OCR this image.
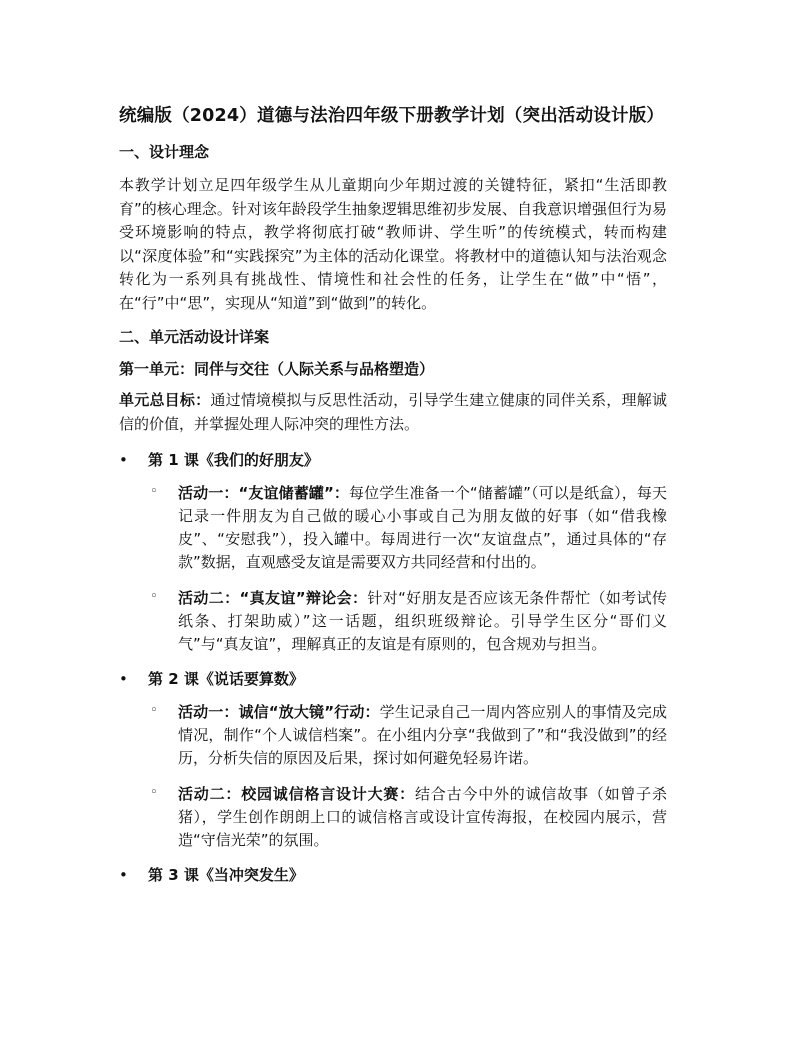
统编版（2024）道德与法治四年级下册教学计划（突出活动设计版）
一、设计理念
本教学计划立足四年级学生从儿童期向少年期过渡的关键特征，紧扣“生活即教育”的核心理念。针对该年龄段学生抽象逻辑思维初步发展、自我意识增强但行为易受环境影响的特点，教学将彻底打破“教师讲、学生听”的传统模式，转而构建以“深度体验”和“实践探究”为主体的活动化课堂。将教材中的道德认知与法治观念转化为一系列具有挑战性、情境性和社会性的任务，让学生在“做”中“悟”，在“行”中“思”，实现从“知道”到“做到”的转化。
二、单元活动设计详案
第一单元：同伴与交往（人际关系与品格塑造）
单元总目标：通过情境模拟与反思性活动，引导学生建立健康的同伴关系，理解诚信的价值，并掌握处理人际冲突的理性方法。
• 第 1 课《我们的好朋友》
◦ 活动一：“友谊储蓄罐”：每位学生准备一个“储蓄罐”（可以是纸盒），每天记录一件朋友为自己做的暖心小事或自己为朋友做的好事（如“借我橡皮”、“安慰我”），投入罐中。每周进行一次“友谊盘点”，通过具体的“存款”数据，直观感受友谊是需要双方共同经营和付出的。
◦ 活动二：“真友谊”辩论会：针对“好朋友是否应该无条件帮忙（如考试传纸条、打架助威）”这一话题，组织班级辩论。引导学生区分“哥们义气”与“真友谊”，理解真正的友谊是有原则的，包含规劝与担当。
• 第 2 课《说话要算数》
◦ 活动一：诚信“放大镜”行动：学生记录自己一周内答应别人的事情及完成情况，制作“个人诚信档案”。在小组内分享“我做到了”和“我没做到”的经历，分析失信的原因及后果，探讨如何避免轻易许诺。
◦ 活动二：校园诚信格言设计大赛：结合古今中外的诚信故事（如曾子杀猪），学生创作朗朗上口的诚信格言或设计宣传海报，在校园内展示，营造“守信光荣”的氛围。
• 第 3 课《当冲突发生》
